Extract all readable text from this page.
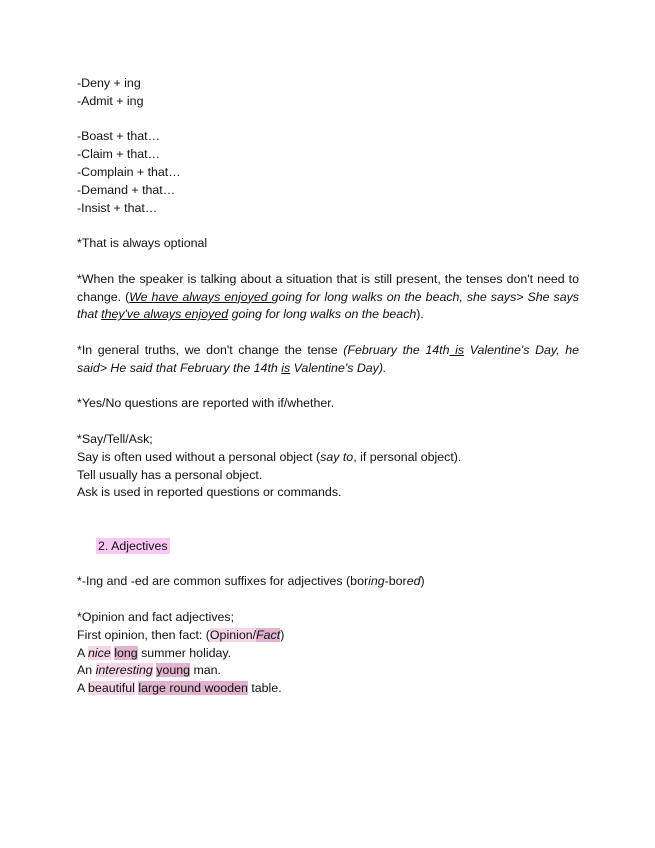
-Deny + ing
-Admit + ing
-Boast + that…
-Claim + that…
-Complain + that…
-Demand + that…
-Insist + that…
*That is always optional
*When the speaker is talking about a situation that is still present, the tenses don't need to change. (We have always enjoyed going for long walks on the beach, she says> She says that they've always enjoyed going for long walks on the beach).
*In general truths, we don't change the tense (February the 14th is Valentine's Day, he said> He said that February the 14th is Valentine's Day).
*Yes/No questions are reported with if/whether.
*Say/Tell/Ask;
Say is often used without a personal object (say to, if personal object).
Tell usually has a personal object.
Ask is used in reported questions or commands.
2. Adjectives
*-Ing and -ed are common suffixes for adjectives (boring-bored)
*Opinion and fact adjectives;
First opinion, then fact: (Opinion/Fact)
A nice long summer holiday.
An interesting young man.
A beautiful large round wooden table.
